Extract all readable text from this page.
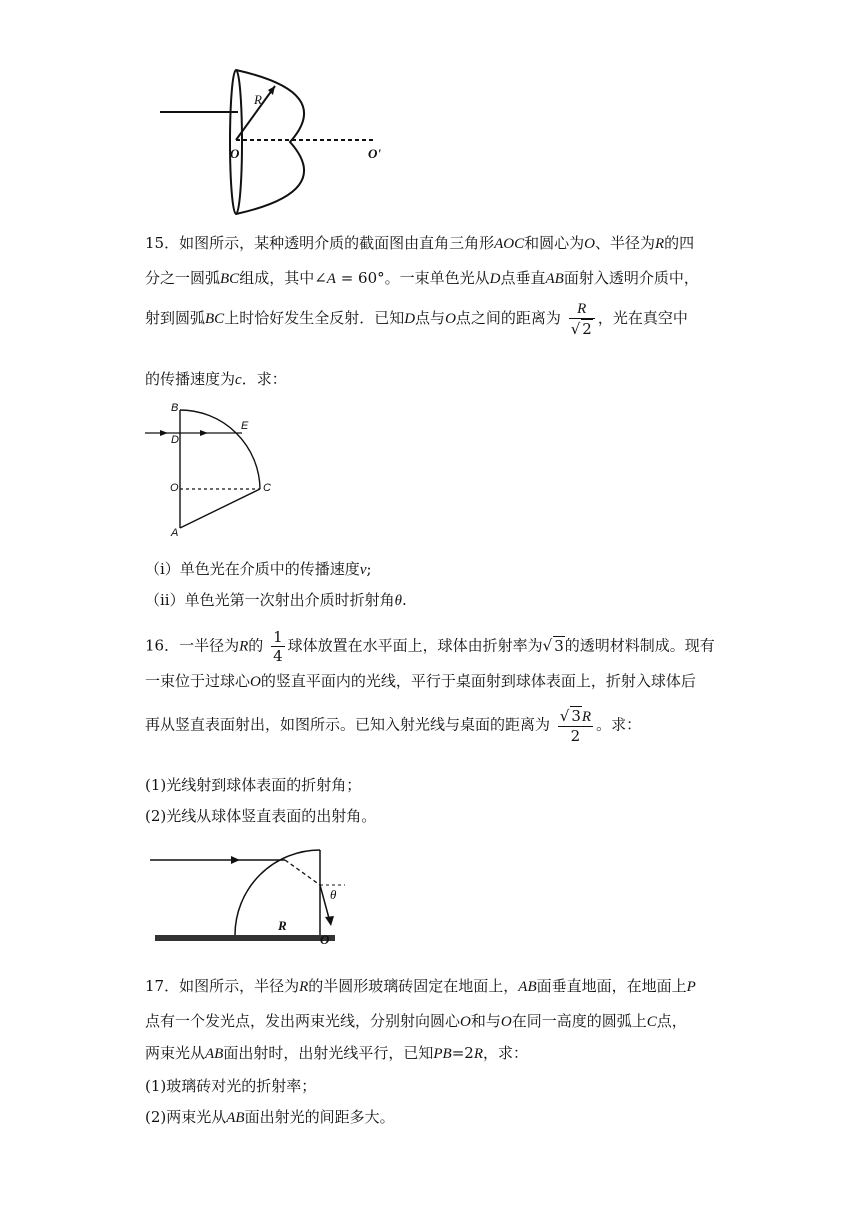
R
O	O'
15．如图所示，某种透明介质的截面图由直角三角形AOC和圆心为O、半径为R的四
分之一圆弧BC组成，其中∠A = 60°。一束单色光从D点垂直AB面射入透明介质中，
射到圆弧BC上时恰好发生全反射．已知D点与O点之间的距离为 $\frac{R}{√ 2}$ ，光在真空中
的传播速度为c．求：
B
D
E
O	C
A
（i）单色光在介质中的传播速度v;
（ii）单色光第一次射出介质时折射角θ.
16．一半径为R的 $\frac{1}{4}$ 球体放置在水平面上，球体由折射率为√ 3的透明材料制成。现有
一束位于过球心O的竖直平面内的光线，平行于桌面射到球体表面上，折射入球体后
再从竖直表面射出，如图所示。已知入射光线与桌面的距离为 $\frac{√ 3R}{2}$ 。求：
(1)光线射到球体表面的折射角；
(2)光线从球体竖直表面的出射角。
θ
R
O
17．如图所示，半径为R的半圆形玻璃砖固定在地面上，AB面垂直地面，在地面上P
点有一个发光点，发出两束光线，分别射向圆心O和与O在同一高度的圆弧上C点，
两束光从AB面出射时，出射光线平行，已知PB=2R，求：
(1)玻璃砖对光的折射率；
(2)两束光从AB面出射光的间距多大。
